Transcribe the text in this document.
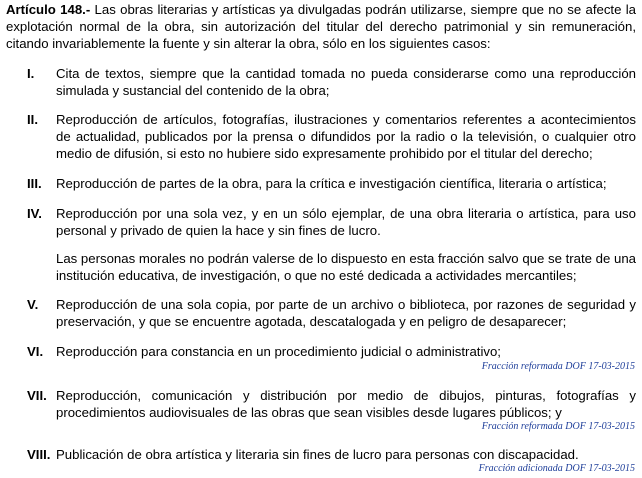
Artículo 148.- Las obras literarias y artísticas ya divulgadas podrán utilizarse, siempre que no se afecte la explotación normal de la obra, sin autorización del titular del derecho patrimonial y sin remuneración, citando invariablemente la fuente y sin alterar la obra, sólo en los siguientes casos:
I. Cita de textos, siempre que la cantidad tomada no pueda considerarse como una reproducción simulada y sustancial del contenido de la obra;
II. Reproducción de artículos, fotografías, ilustraciones y comentarios referentes a acontecimientos de actualidad, publicados por la prensa o difundidos por la radio o la televisión, o cualquier otro medio de difusión, si esto no hubiere sido expresamente prohibido por el titular del derecho;
III. Reproducción de partes de la obra, para la crítica e investigación científica, literaria o artística;
IV. Reproducción por una sola vez, y en un sólo ejemplar, de una obra literaria o artística, para uso personal y privado de quien la hace y sin fines de lucro.
Las personas morales no podrán valerse de lo dispuesto en esta fracción salvo que se trate de una institución educativa, de investigación, o que no esté dedicada a actividades mercantiles;
V. Reproducción de una sola copia, por parte de un archivo o biblioteca, por razones de seguridad y preservación, y que se encuentre agotada, descatalogada y en peligro de desaparecer;
VI. Reproducción para constancia en un procedimiento judicial o administrativo;
Fracción reformada DOF 17-03-2015
VII. Reproducción, comunicación y distribución por medio de dibujos, pinturas, fotografías y procedimientos audiovisuales de las obras que sean visibles desde lugares públicos; y
Fracción reformada DOF 17-03-2015
VIII. Publicación de obra artística y literaria sin fines de lucro para personas con discapacidad.
Fracción adicionada DOF 17-03-2015
